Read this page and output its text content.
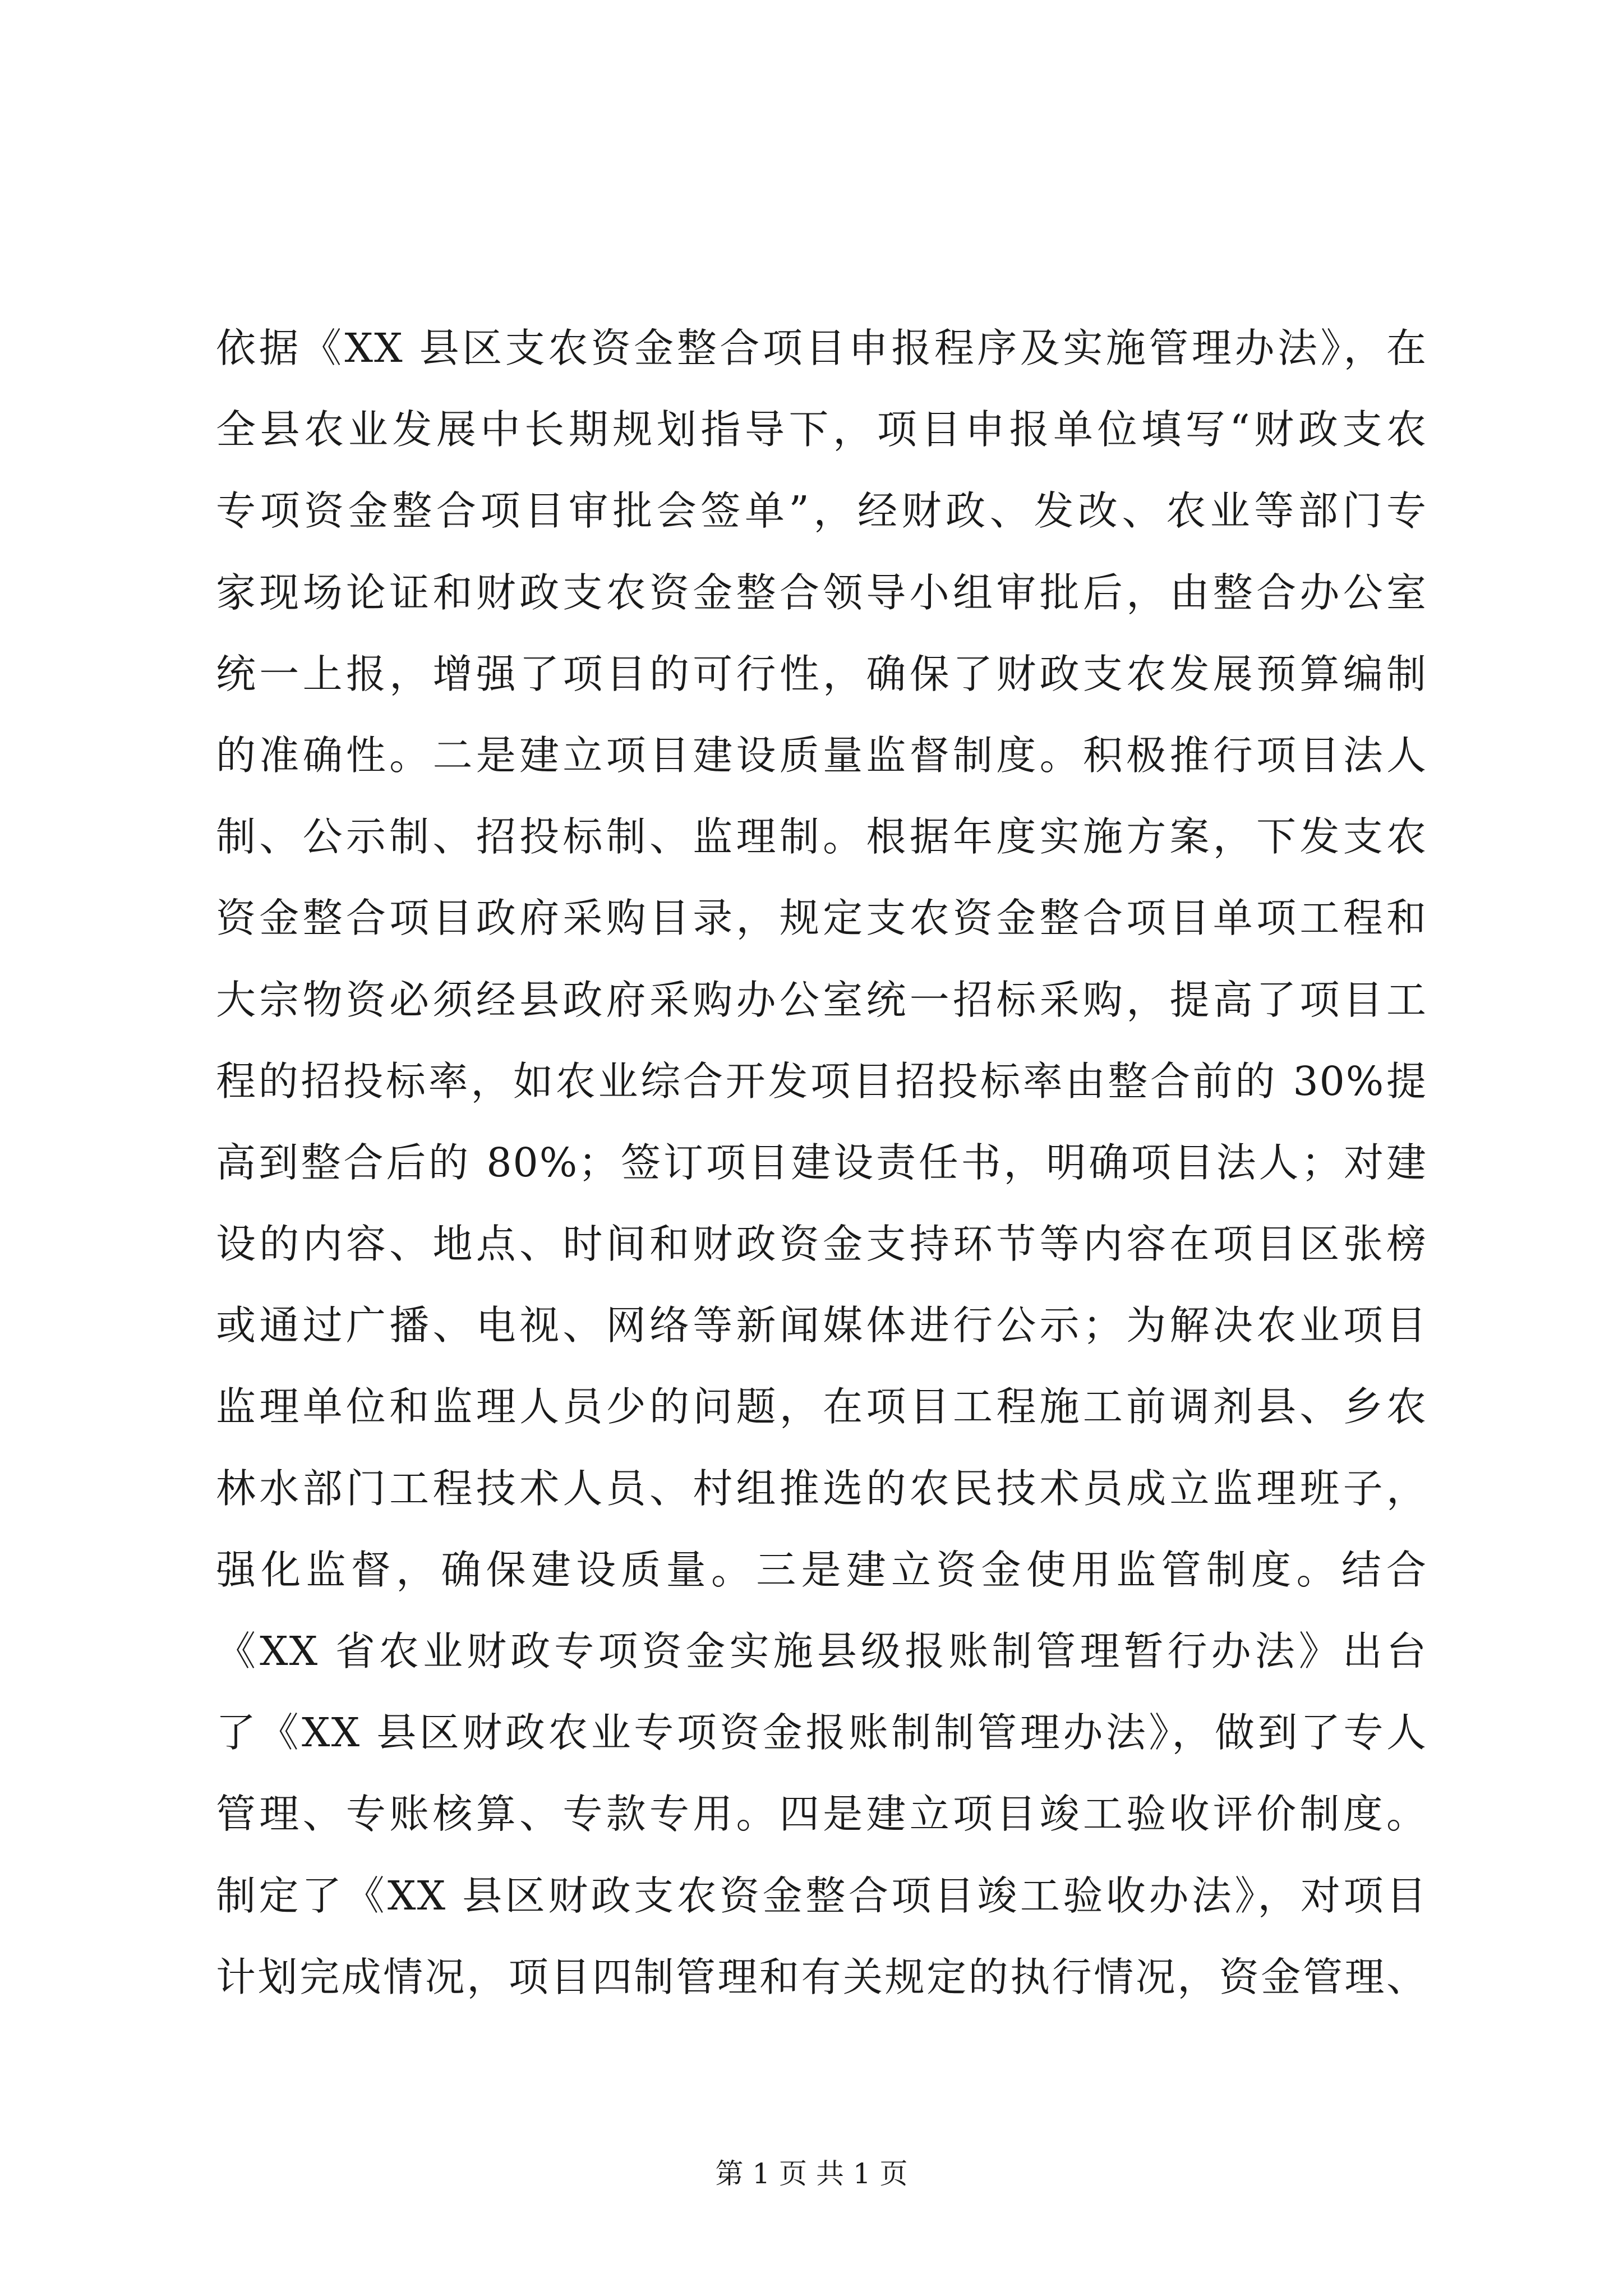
依据《XX 县区支农资金整合项目申报程序及实施管理办法》，在
全县农业发展中长期规划指导下，项目申报单位填写“财政支农
专项资金整合项目审批会签单”，经财政、发改、农业等部门专
家现场论证和财政支农资金整合领导小组审批后，由整合办公室
统一上报，增强了项目的可行性，确保了财政支农发展预算编制
的准确性。二是建立项目建设质量监督制度。积极推行项目法人
制、公示制、招投标制、监理制。根据年度实施方案，下发支农
资金整合项目政府采购目录，规定支农资金整合项目单项工程和
大宗物资必须经县政府采购办公室统一招标采购，提高了项目工
程的招投标率，如农业综合开发项目招投标率由整合前的 30%提
高到整合后的 80%；签订项目建设责任书，明确项目法人；对建
设的内容、地点、时间和财政资金支持环节等内容在项目区张榜
或通过广播、电视、网络等新闻媒体进行公示；为解决农业项目
监理单位和监理人员少的问题，在项目工程施工前调剂县、乡农
林水部门工程技术人员、村组推选的农民技术员成立监理班子，
强化监督，确保建设质量。三是建立资金使用监管制度。结合
《XX 省农业财政专项资金实施县级报账制管理暂行办法》出台
了《XX 县区财政农业专项资金报账制制管理办法》，做到了专人
管理、专账核算、专款专用。四是建立项目竣工验收评价制度。
制定了《XX 县区财政支农资金整合项目竣工验收办法》，对项目
计划完成情况，项目四制管理和有关规定的执行情况，资金管理、
第 1 页 共 1 页
